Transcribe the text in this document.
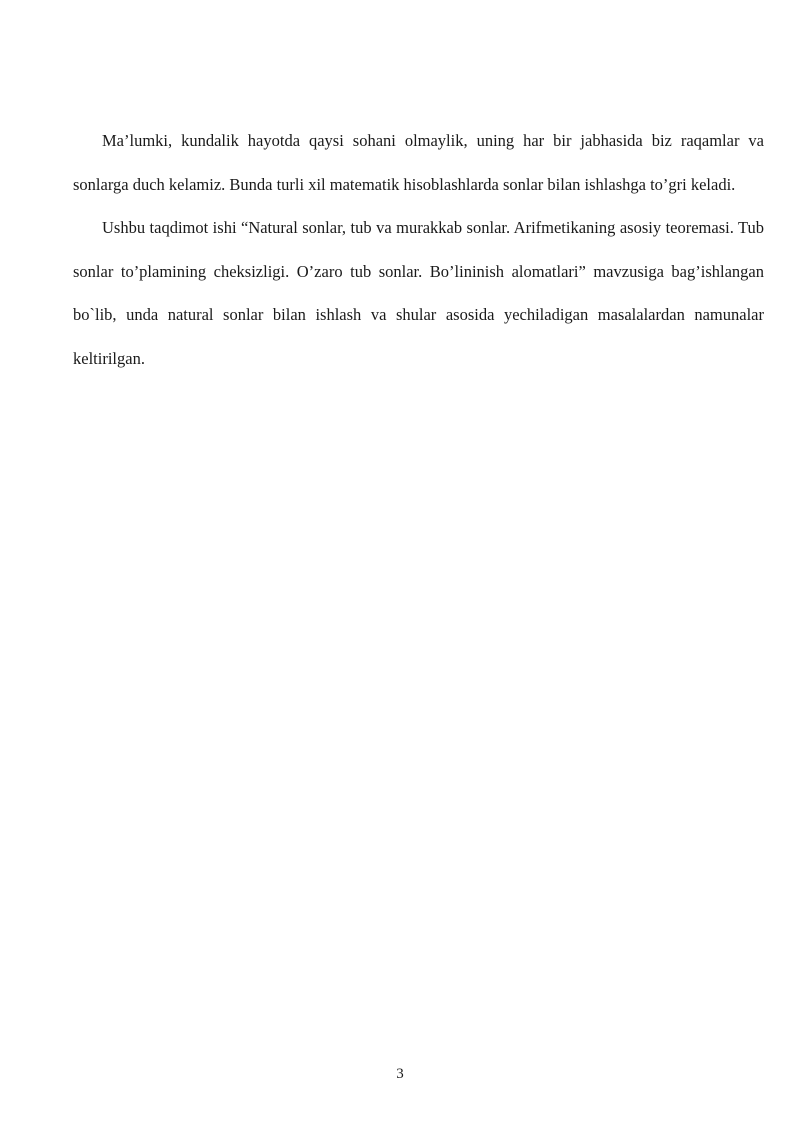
Ma’lumki, kundalik hayotda qaysi sohani olmaylik, uning har bir jabhasida biz raqamlar va sonlarga duch kelamiz. Bunda turli xil matematik hisoblashlarda sonlar bilan ishlashga to’gri keladi.

Ushbu taqdimot ishi “Natural sonlar, tub va murakkab sonlar. Arifmetikaning asosiy teoremasi. Tub sonlar to’plamining cheksizligi. O’zaro tub sonlar. Bo’lininish alomatlari” mavzusiga bag’ishlangan bo`lib, unda natural sonlar bilan ishlash va shular asosida yechiladigan masalalardan namunalar keltirilgan.

3
